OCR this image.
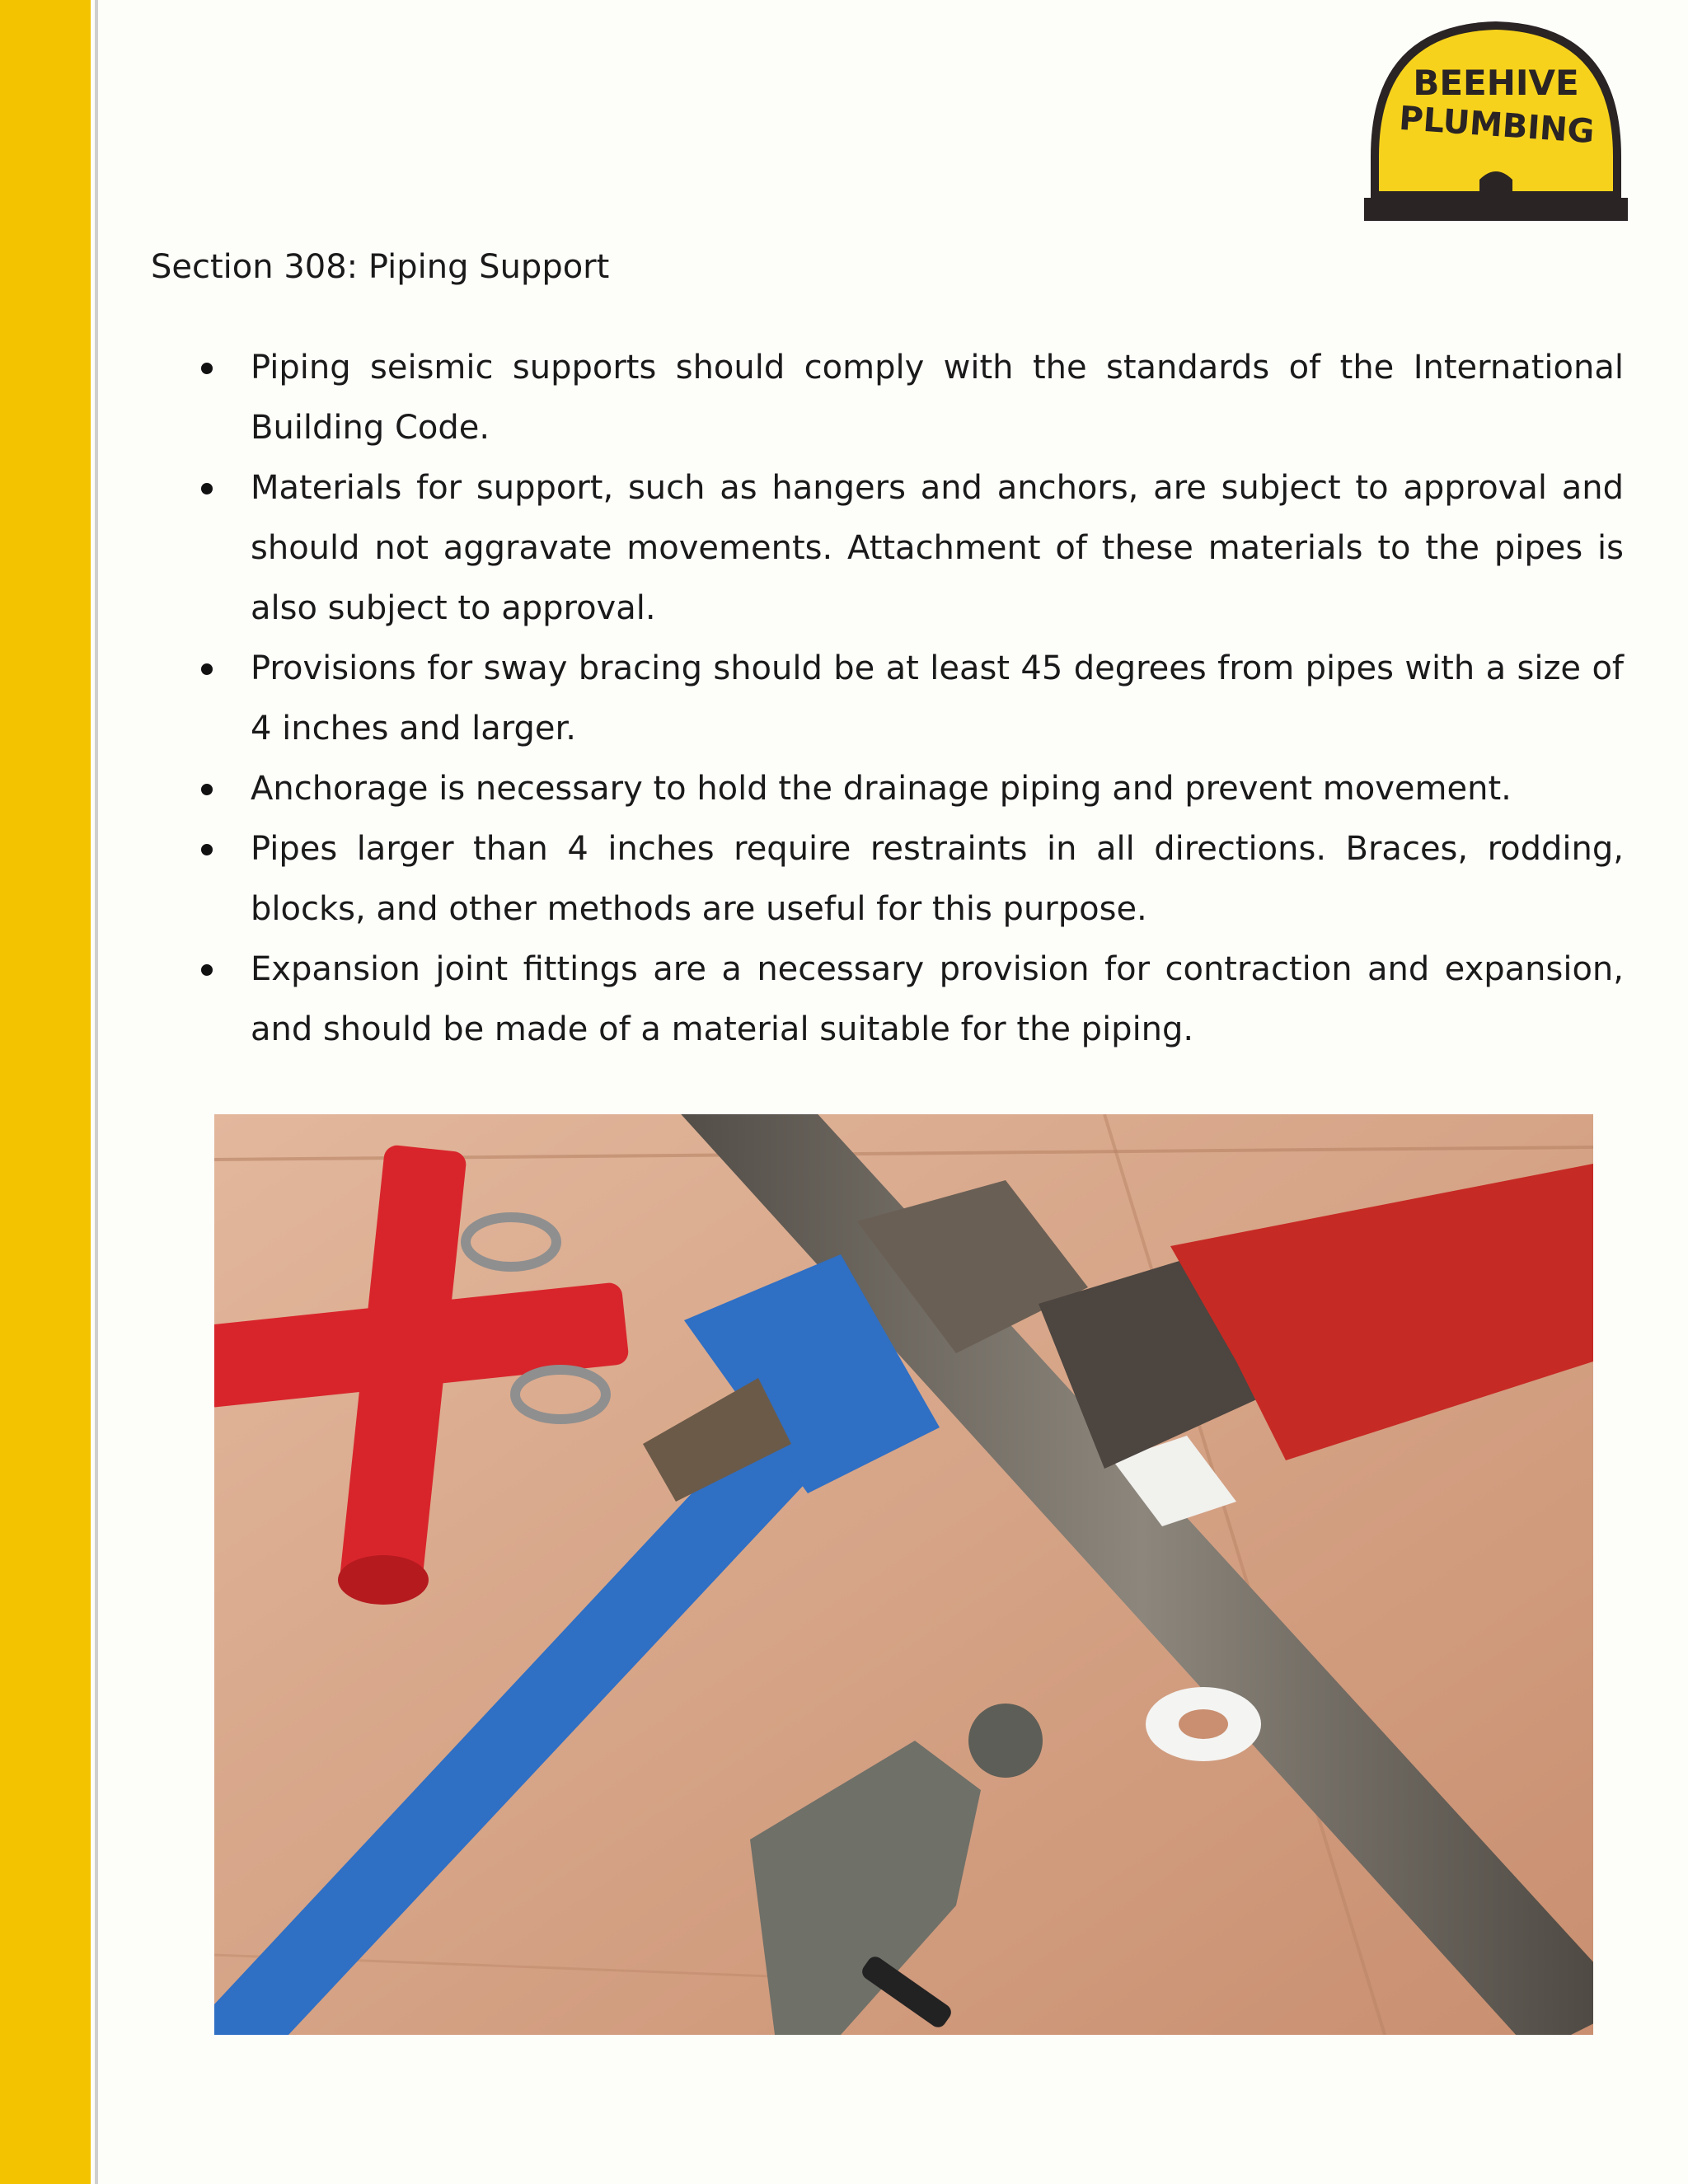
BEEHIVE
PLUMBING
Section 308: Piping Support
Piping seismic supports should comply with the standards of the International Building Code.
Materials for support, such as hangers and anchors, are subject to approval and should not aggravate movements. Attachment of these materials to the pipes is also subject to approval.
Provisions for sway bracing should be at least 45 degrees from pipes with a size of 4 inches and larger.
Anchorage is necessary to hold the drainage piping and prevent movement.
Pipes larger than 4 inches require restraints in all directions. Braces, rodding, blocks, and other methods are useful for this purpose.
Expansion joint fittings are a necessary provision for contraction and expansion, and should be made of a material suitable for the piping.
